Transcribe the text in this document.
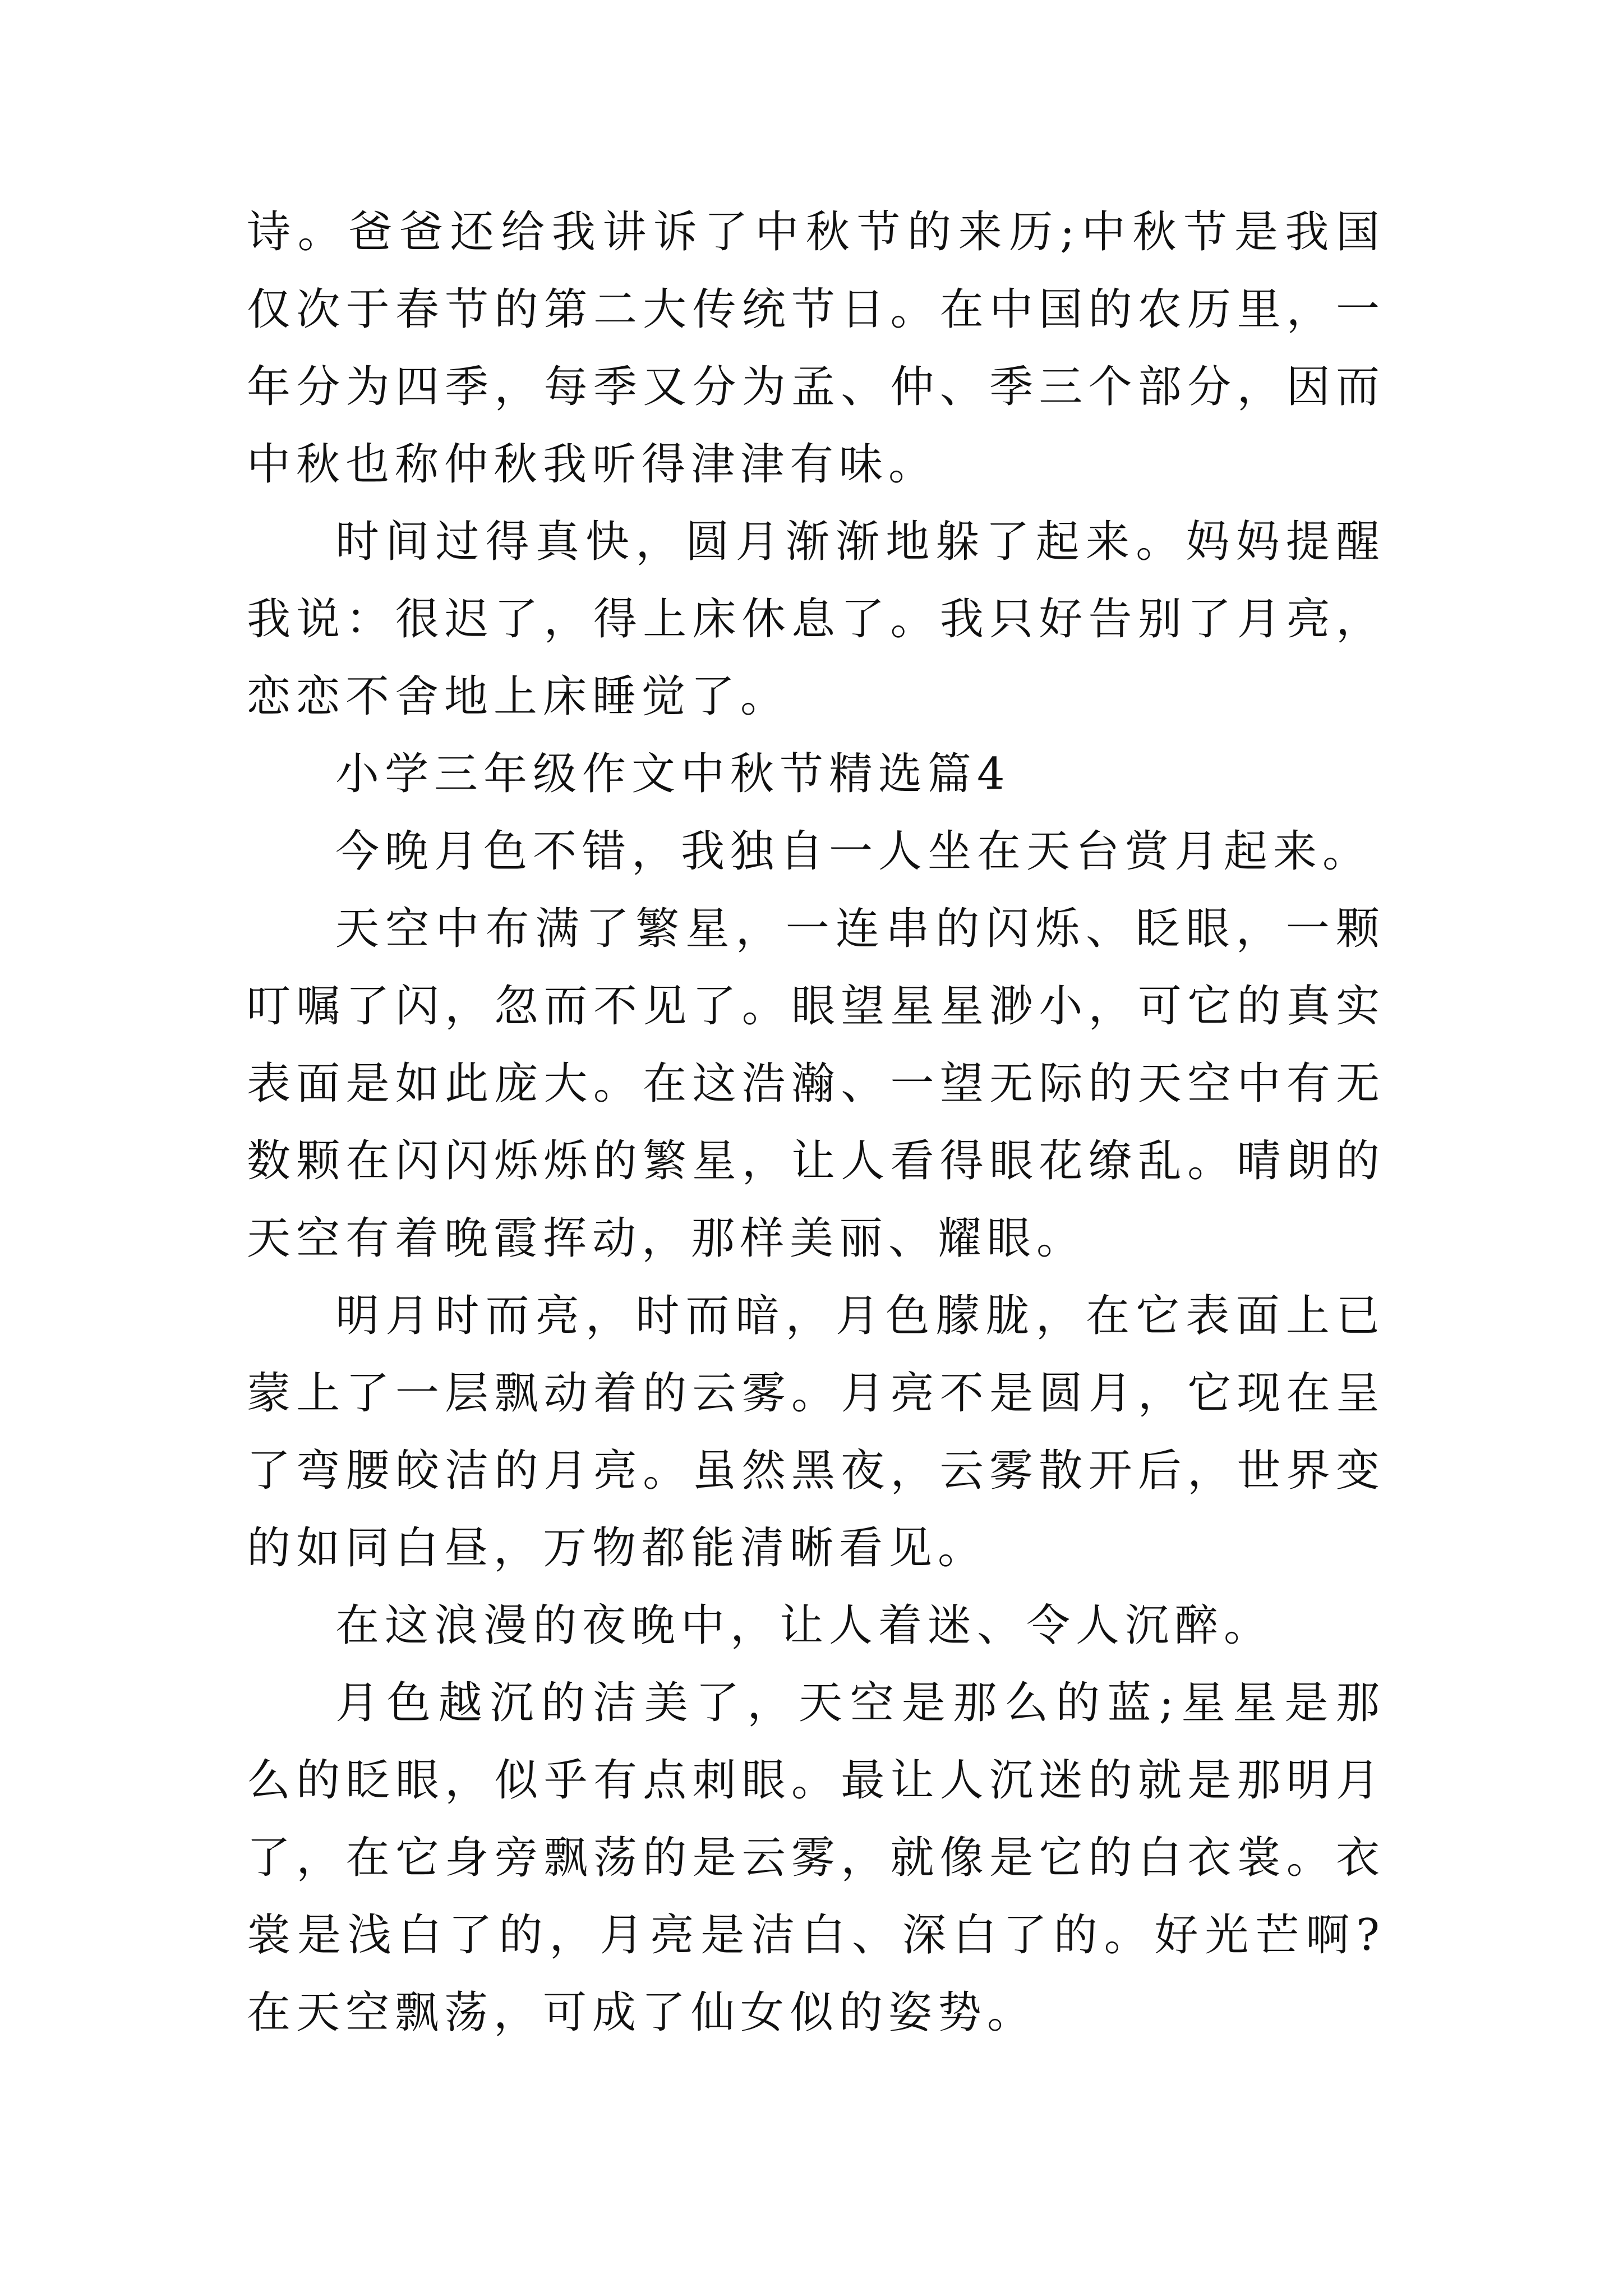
诗。爸爸还给我讲诉了中秋节的来历;中秋节是我国仅次于春节的第二大传统节日。在中国的农历里，一年分为四季，每季又分为孟、仲、季三个部分，因而中秋也称仲秋我听得津津有味。

时间过得真快，圆月渐渐地躲了起来。妈妈提醒我说：很迟了，得上床休息了。我只好告别了月亮，恋恋不舍地上床睡觉了。

小学三年级作文中秋节精选篇4

今晚月色不错，我独自一人坐在天台赏月起来。

天空中布满了繁星，一连串的闪烁、眨眼，一颗叮嘱了闪，忽而不见了。眼望星星渺小，可它的真实表面是如此庞大。在这浩瀚、一望无际的天空中有无数颗在闪闪烁烁的繁星，让人看得眼花缭乱。晴朗的天空有着晚霞挥动，那样美丽、耀眼。

明月时而亮，时而暗，月色朦胧，在它表面上已蒙上了一层飘动着的云雾。月亮不是圆月，它现在呈了弯腰皎洁的月亮。虽然黑夜，云雾散开后，世界变的如同白昼，万物都能清晰看见。

在这浪漫的夜晚中，让人着迷、令人沉醉。

月色越沉的洁美了，天空是那么的蓝;星星是那么的眨眼，似乎有点刺眼。最让人沉迷的就是那明月了，在它身旁飘荡的是云雾，就像是它的白衣裳。衣裳是浅白了的，月亮是洁白、深白了的。好光芒啊?在天空飘荡，可成了仙女似的姿势。
